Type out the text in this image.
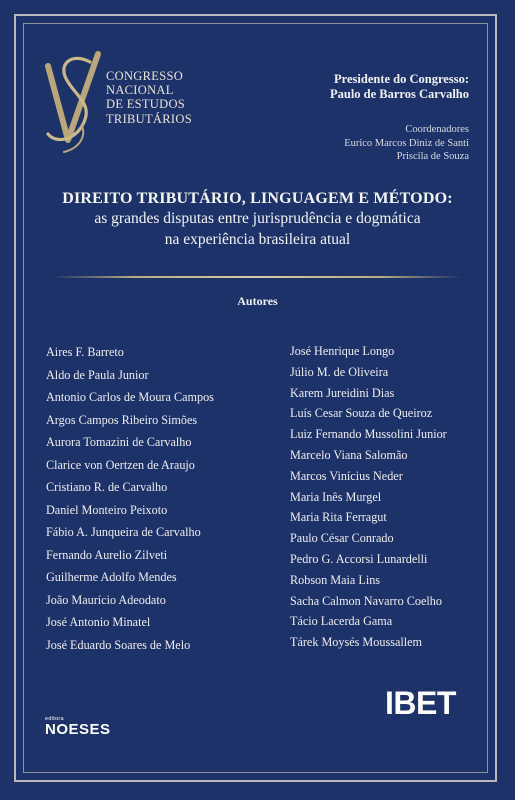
CONGRESSO
NACIONAL
DE ESTUDOS
TRIBUTÁRIOS
Presidente do Congresso:
Paulo de Barros Carvalho
Coordenadores
Eurico Marcos Diniz de Santi
Priscila de Souza
DIREITO TRIBUTÁRIO, LINGUAGEM E MÉTODO:
as grandes disputas entre jurisprudência e dogmática
na experiência brasileira atual
Autores
Aires F. Barreto
Aldo de Paula Junior
Antonio Carlos de Moura Campos
Argos Campos Ribeiro Simões
Aurora Tomazini de Carvalho
Clarice von Oertzen de Araujo
Cristiano R. de Carvalho
Daniel Monteiro Peixoto
Fábio A. Junqueira de Carvalho
Fernando Aurelio Zilveti
Guilherme Adolfo Mendes
João Maurício Adeodato
José Antonio Minatel
José Eduardo Soares de Melo
José Henrique Longo
Júlio M. de Oliveira
Karem Jureidini Dias
Luís Cesar Souza de Queiroz
Luiz Fernando Mussolini Junior
Marcelo Viana Salomão
Marcos Vinícius Neder
Maria Inês Murgel
Maria Rita Ferragut
Paulo César Conrado
Pedro G. Accorsi Lunardelli
Robson Maia Lins
Sacha Calmon Navarro Coelho
Tácio Lacerda Gama
Tárek Moysés Moussallem
editora
NOESES
IBET
